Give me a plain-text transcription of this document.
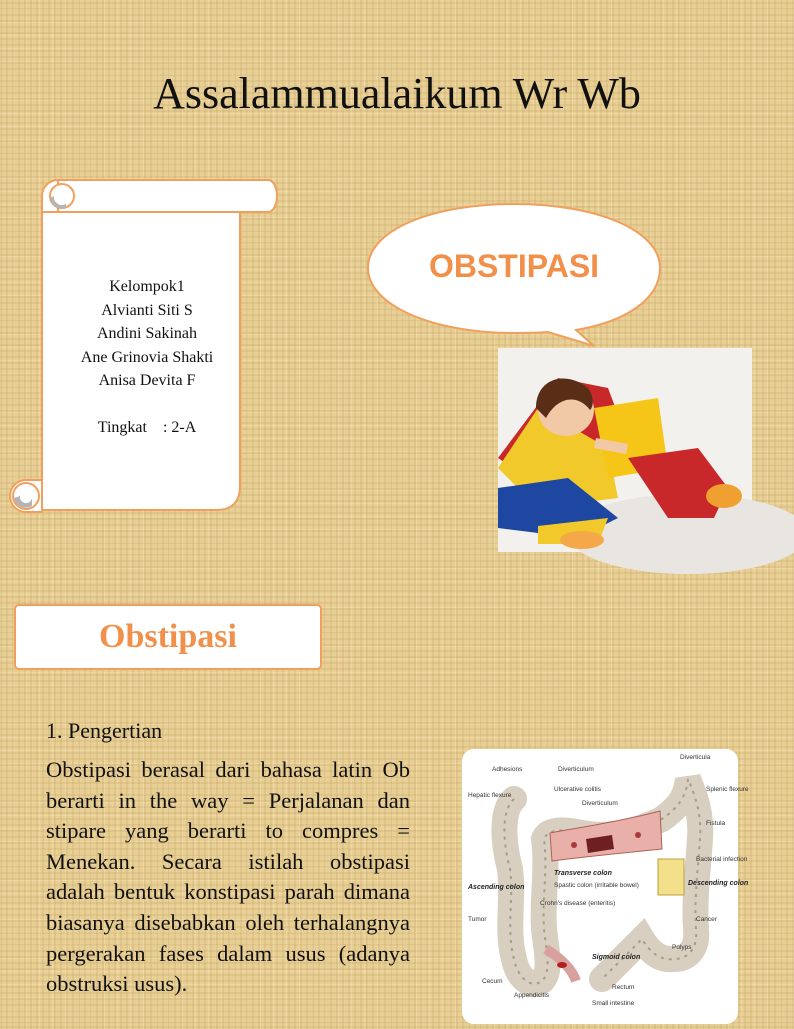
Assalammualaikum Wr Wb
Kelompok1
Alvianti Siti S
Andini Sakinah
Ane Grinovia Shakti
Anisa Devita F
Tingkat    : 2-A
OBSTIPASI
Obstipasi
1. Pengertian
Obstipasi berasal dari bahasa latin Ob berarti in the way = Perjalanan dan stipare yang berarti to compres = Menekan. Secara istilah obstipasi adalah bentuk konstipasi parah dimana biasanya disebabkan oleh terhalangnya pergerakan fases dalam usus (adanya obstruksi usus).
Adhesions	Diverticulum
Diverticula
Ulcerative colitis	Splenic flexure
Hepatic flexure
Diverticulum
Fistula
Bacterial infection
Transverse colon
Spastic colon (irritable bowel)
Ascending colon
Descending colon
Crohn's disease (enteritis)
Tumor	Cancer
Polyps
Sigmoid colon
Cecum
Rectum
Appendicitis
Small intestine
